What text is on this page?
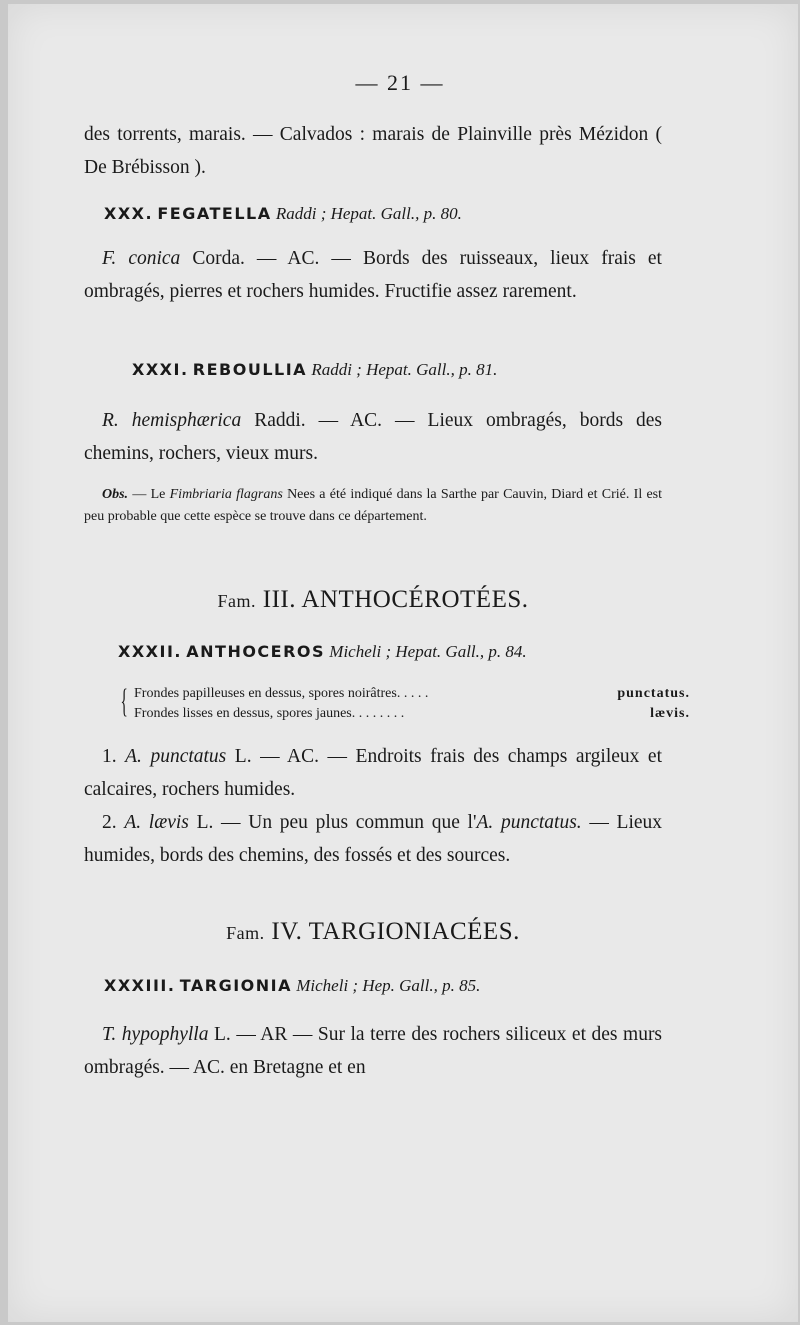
— 21 —

des torrents, marais. — Calvados : marais de Plainville près Mézidon ( De Brébisson ).

XXX. FEGATELLA Raddi ; Hepat. Gall., p. 80.

F. conica Corda. — AC. — Bords des ruisseaux, lieux frais et ombragés, pierres et rochers humides. Fructifie assez rarement.

XXXI. REBOULLIA Raddi ; Hepat. Gall., p. 81.

R. hemisphærica Raddi. — AC. — Lieux ombragés, bords des chemins, rochers, vieux murs.

Obs. — Le Fimbriaria flagrans Nees a été indiqué dans la Sarthe par Cauvin, Diard et Crié. Il est peu probable que cette espèce se trouve dans ce département.

Fam. III. ANTHOCÉROTÉES.
XXXII. ANTHOCEROS Micheli ; Hepat. Gall., p. 84.
{ Frondes papilleuses en dessus, spores noirâtres. . . . .	punctatus.
Frondes lisses en dessus, spores jaunes. . . . . . . .	lævis.

1. A. punctatus L. — AC. — Endroits frais des champs argileux et calcaires, rochers humides.

2. A. lævis L. — Un peu plus commun que l'A. punctatus. — Lieux humides, bords des chemins, des fossés et des sources.

Fam. IV. TARGIONIACÉES.
XXXIII. TARGIONIA Micheli ; Hep. Gall., p. 85.

T. hypophylla L. — AR — Sur la terre des rochers siliceux et des murs ombragés. — AC. en Bretagne et en
